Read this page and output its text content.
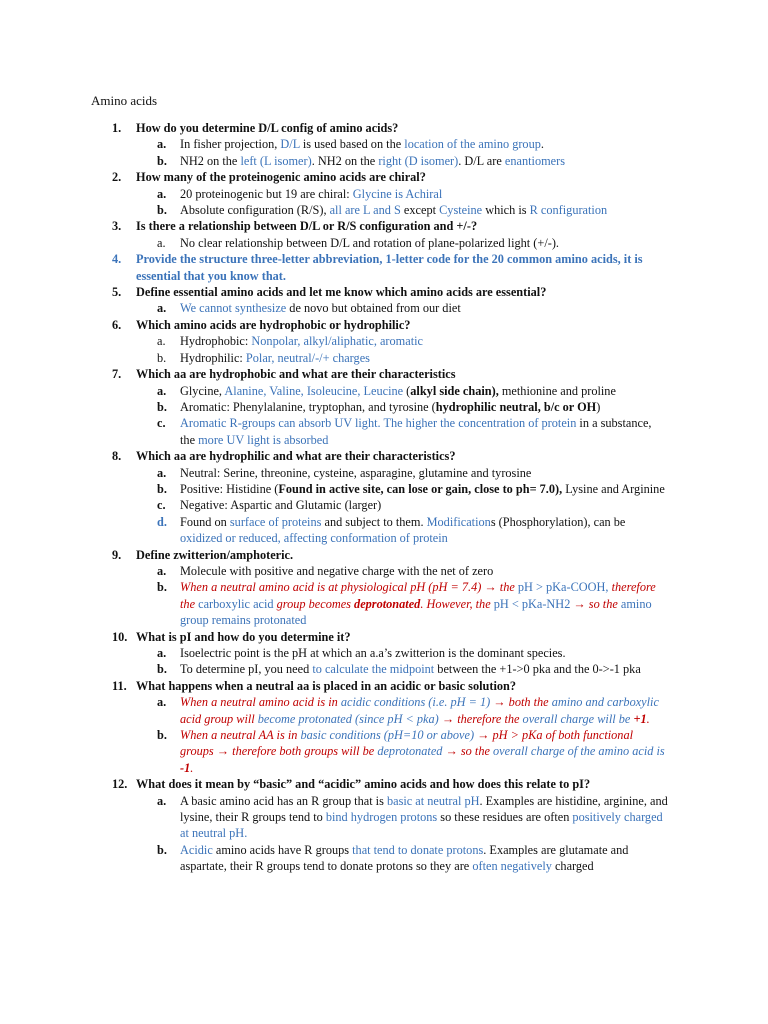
Amino acids
1.	How do you determine D/L config of amino acids?
a.	In fisher projection, D/L is used based on the location of the amino group.
b.	NH2 on the left (L isomer). NH2 on the right (D isomer). D/L are enantiomers
2.	How many of the proteinogenic amino acids are chiral?
a.	20 proteinogenic but 19 are chiral: Glycine is Achiral
b.	Absolute configuration (R/S), all are L and S except Cysteine which is R configuration
3.	Is there a relationship between D/L or R/S configuration and +/-?
a.	No clear relationship between D/L and rotation of plane-polarized light (+/-).
4.	Provide the structure three-letter abbreviation, 1-letter code for the 20 common amino acids, it is essential that you know that.
5.	Define essential amino acids and let me know which amino acids are essential?
a.	We cannot synthesize de novo but obtained from our diet
6.	Which amino acids are hydrophobic or hydrophilic?
a.	Hydrophobic: Nonpolar, alkyl/aliphatic, aromatic
b.	Hydrophilic: Polar, neutral/-/+ charges
7.	Which aa are hydrophobic and what are their characteristics
a.	Glycine, Alanine, Valine, Isoleucine, Leucine (alkyl side chain), methionine and proline
b.	Aromatic: Phenylalanine, tryptophan, and tyrosine (hydrophilic neutral, b/c or OH)
c.	Aromatic R-groups can absorb UV light. The higher the concentration of protein in a substance, the more UV light is absorbed
8.	Which aa are hydrophilic and what are their characteristics?
a.	Neutral: Serine, threonine, cysteine, asparagine, glutamine and tyrosine
b.	Positive: Histidine (Found in active site, can lose or gain, close to ph= 7.0), Lysine and Arginine
c.	Negative: Aspartic and Glutamic (larger)
d.	Found on surface of proteins and subject to them. Modifications (Phosphorylation), can be oxidized or reduced, affecting conformation of protein
9.	Define zwitterion/amphoteric.
a.	Molecule with positive and negative charge with the net of zero
b.	When a neutral amino acid is at physiological pH (pH = 7.4) → the pH > pKa-COOH, therefore the carboxylic acid group becomes deprotonated. However, the pH < pKa-NH2 → so the amino group remains protonated
10. What is pI and how do you determine it?
a.	Isoelectric point is the pH at which an a.a’s zwitterion is the dominant species.
b.	To determine pI, you need to calculate the midpoint between the +1->0 pka and the 0->-1 pka
11. What happens when a neutral aa is placed in an acidic or basic solution?
a.	When a neutral amino acid is in acidic conditions (i.e. pH = 1) → both the amino and carboxylic acid group will become protonated (since pH < pka) → therefore the overall charge will be +1.
b.	When a neutral AA is in basic conditions (pH=10 or above) → pH > pKa of both functional groups → therefore both groups will be deprotonated → so the overall charge of the amino acid is -1.
12. What does it mean by “basic” and “acidic” amino acids and how does this relate to pI?
a.	A basic amino acid has an R group that is basic at neutral pH. Examples are histidine, arginine, and lysine, their R groups tend to bind hydrogen protons so these residues are often positively charged at neutral pH.
b.	Acidic amino acids have R groups that tend to donate protons. Examples are glutamate and aspartate, their R groups tend to donate protons so they are often negatively charged
